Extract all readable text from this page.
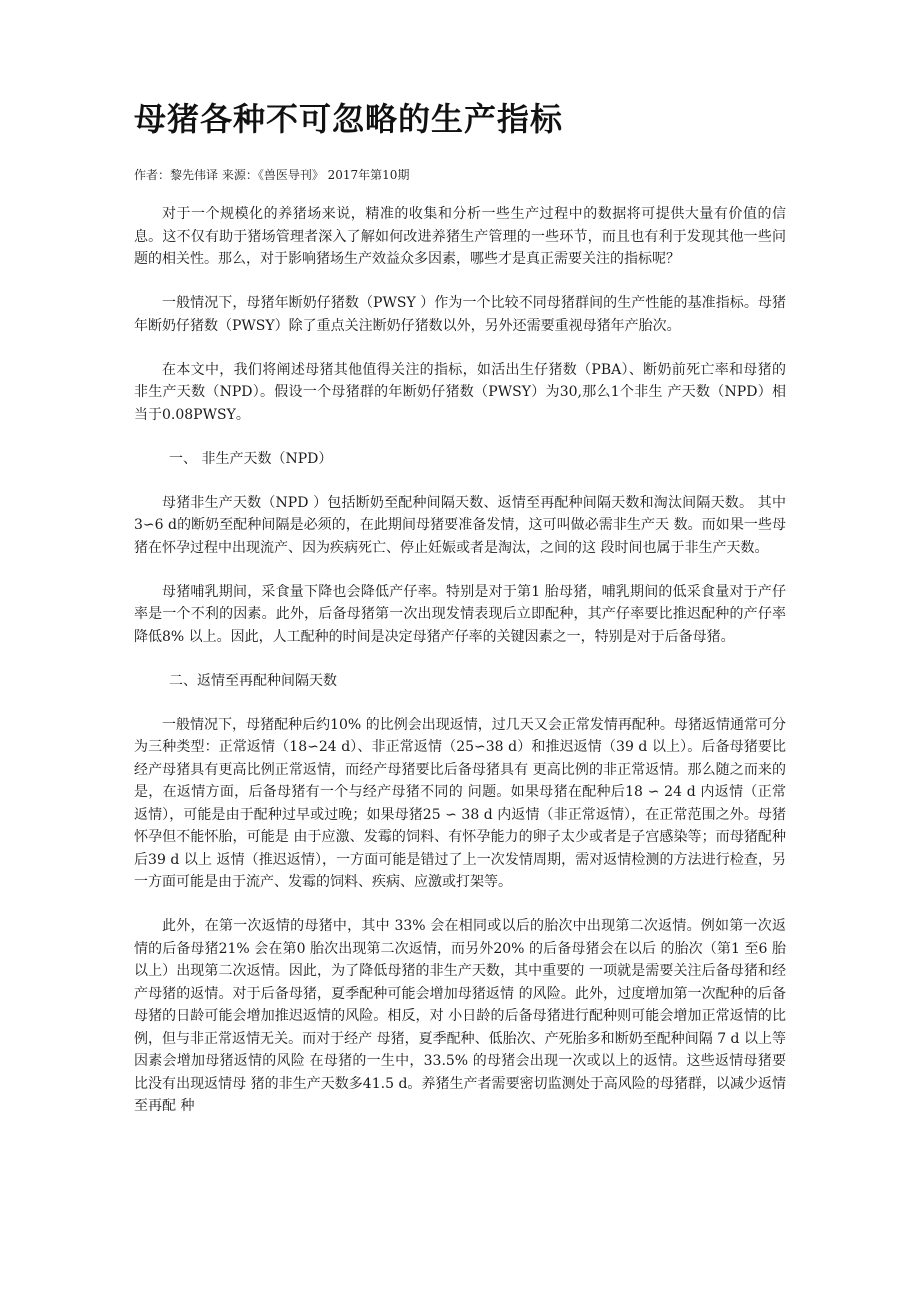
母猪各种不可忽略的生产指标

作者：黎先伟译 来源：《兽医导刊》 2017年第10期

对于一个规模化的养猪场来说，精准的收集和分析一些生产过程中的数据将可提供大量有价值的信息。这不仅有助于猪场管理者深入了解如何改进养猪生产管理的一些环节，而且也有利于发现其他一些问题的相关性。那么，对于影响猪场生产效益众多因素，哪些才是真正需要关注的指标呢？

一般情况下，母猪年断奶仔猪数（PWSY ）作为一个比较不同母猪群间的生产性能的基准指标。母猪年断奶仔猪数（PWSY）除了重点关注断奶仔猪数以外，另外还需要重视母猪年产胎次。

在本文中，我们将阐述母猪其他值得关注的指标，如活出生仔猪数（PBA）、断奶前死亡率和母猪的非生产天数（NPD）。假设一个母猪群的年断奶仔猪数（PWSY）为30,那么1个非生 产天数（NPD）相当于0.08PWSY。

一、 非生产天数（NPD）

母猪非生产天数（NPD ）包括断奶至配种间隔天数、返情至再配种间隔天数和淘汰间隔天数。 其中3∽6 d的断奶至配种间隔是必须的，在此期间母猪要准备发情，这可叫做必需非生产天 数。而如果一些母猪在怀孕过程中出现流产、因为疾病死亡、停止妊娠或者是淘汰，之间的这 段时间也属于非生产天数。

母猪哺乳期间，采食量下降也会降低产仔率。特别是对于第1 胎母猪，哺乳期间的低采食量对于产仔率是一个不利的因素。此外，后备母猪第一次出现发情表现后立即配种，其产仔率要比推迟配种的产仔率降低8% 以上。因此，人工配种的时间是决定母猪产仔率的关键因素之一，特别是对于后备母猪。

二、返情至再配种间隔天数

一般情况下，母猪配种后约10% 的比例会出现返情，过几天又会正常发情再配种。母猪返情通常可分为三种类型：正常返情（18∽24 d）、非正常返情（25∽38 d）和推迟返情（39 d 以上）。后备母猪要比经产母猪具有更高比例正常返情，而经产母猪要比后备母猪具有 更高比例的非正常返情。那么随之而来的是，在返情方面，后备母猪有一个与经产母猪不同的 问题。如果母猪在配种后18 ∽ 24 d 内返情（正常返情），可能是由于配种过早或过晚；如果母猪25 ∽ 38 d 内返情（非正常返情），在正常范围之外。母猪怀孕但不能怀胎，可能是 由于应激、发霉的饲料、有怀孕能力的卵子太少或者是子宫感染等；而母猪配种后39 d 以上 返情（推迟返情），一方面可能是错过了上一次发情周期，需对返情检测的方法进行检查，另 一方面可能是由于流产、发霉的饲料、疾病、应激或打架等。

此外，在第一次返情的母猪中，其中 33% 会在相同或以后的胎次中出现第二次返情。例如第一次返情的后备母猪21% 会在第0 胎次出现第二次返情，而另外20% 的后备母猪会在以后 的胎次（第1 至6 胎以上）出现第二次返情。因此，为了降低母猪的非生产天数，其中重要的 一项就是需要关注后备母猪和经产母猪的返情。对于后备母猪，夏季配种可能会增加母猪返情 的风险。此外，过度增加第一次配种的后备母猪的日龄可能会增加推迟返情的风险。相反，对 小日龄的后备母猪进行配种则可能会增加正常返情的比例，但与非正常返情无关。而对于经产 母猪，夏季配种、低胎次、产死胎多和断奶至配种间隔 7 d 以上等因素会增加母猪返情的风险 在母猪的一生中，33.5% 的母猪会出现一次或以上的返情。这些返情母猪要比没有出现返情母 猪的非生产天数多41.5 d。养猪生产者需要密切监测处于高风险的母猪群，以减少返情至再配 种
